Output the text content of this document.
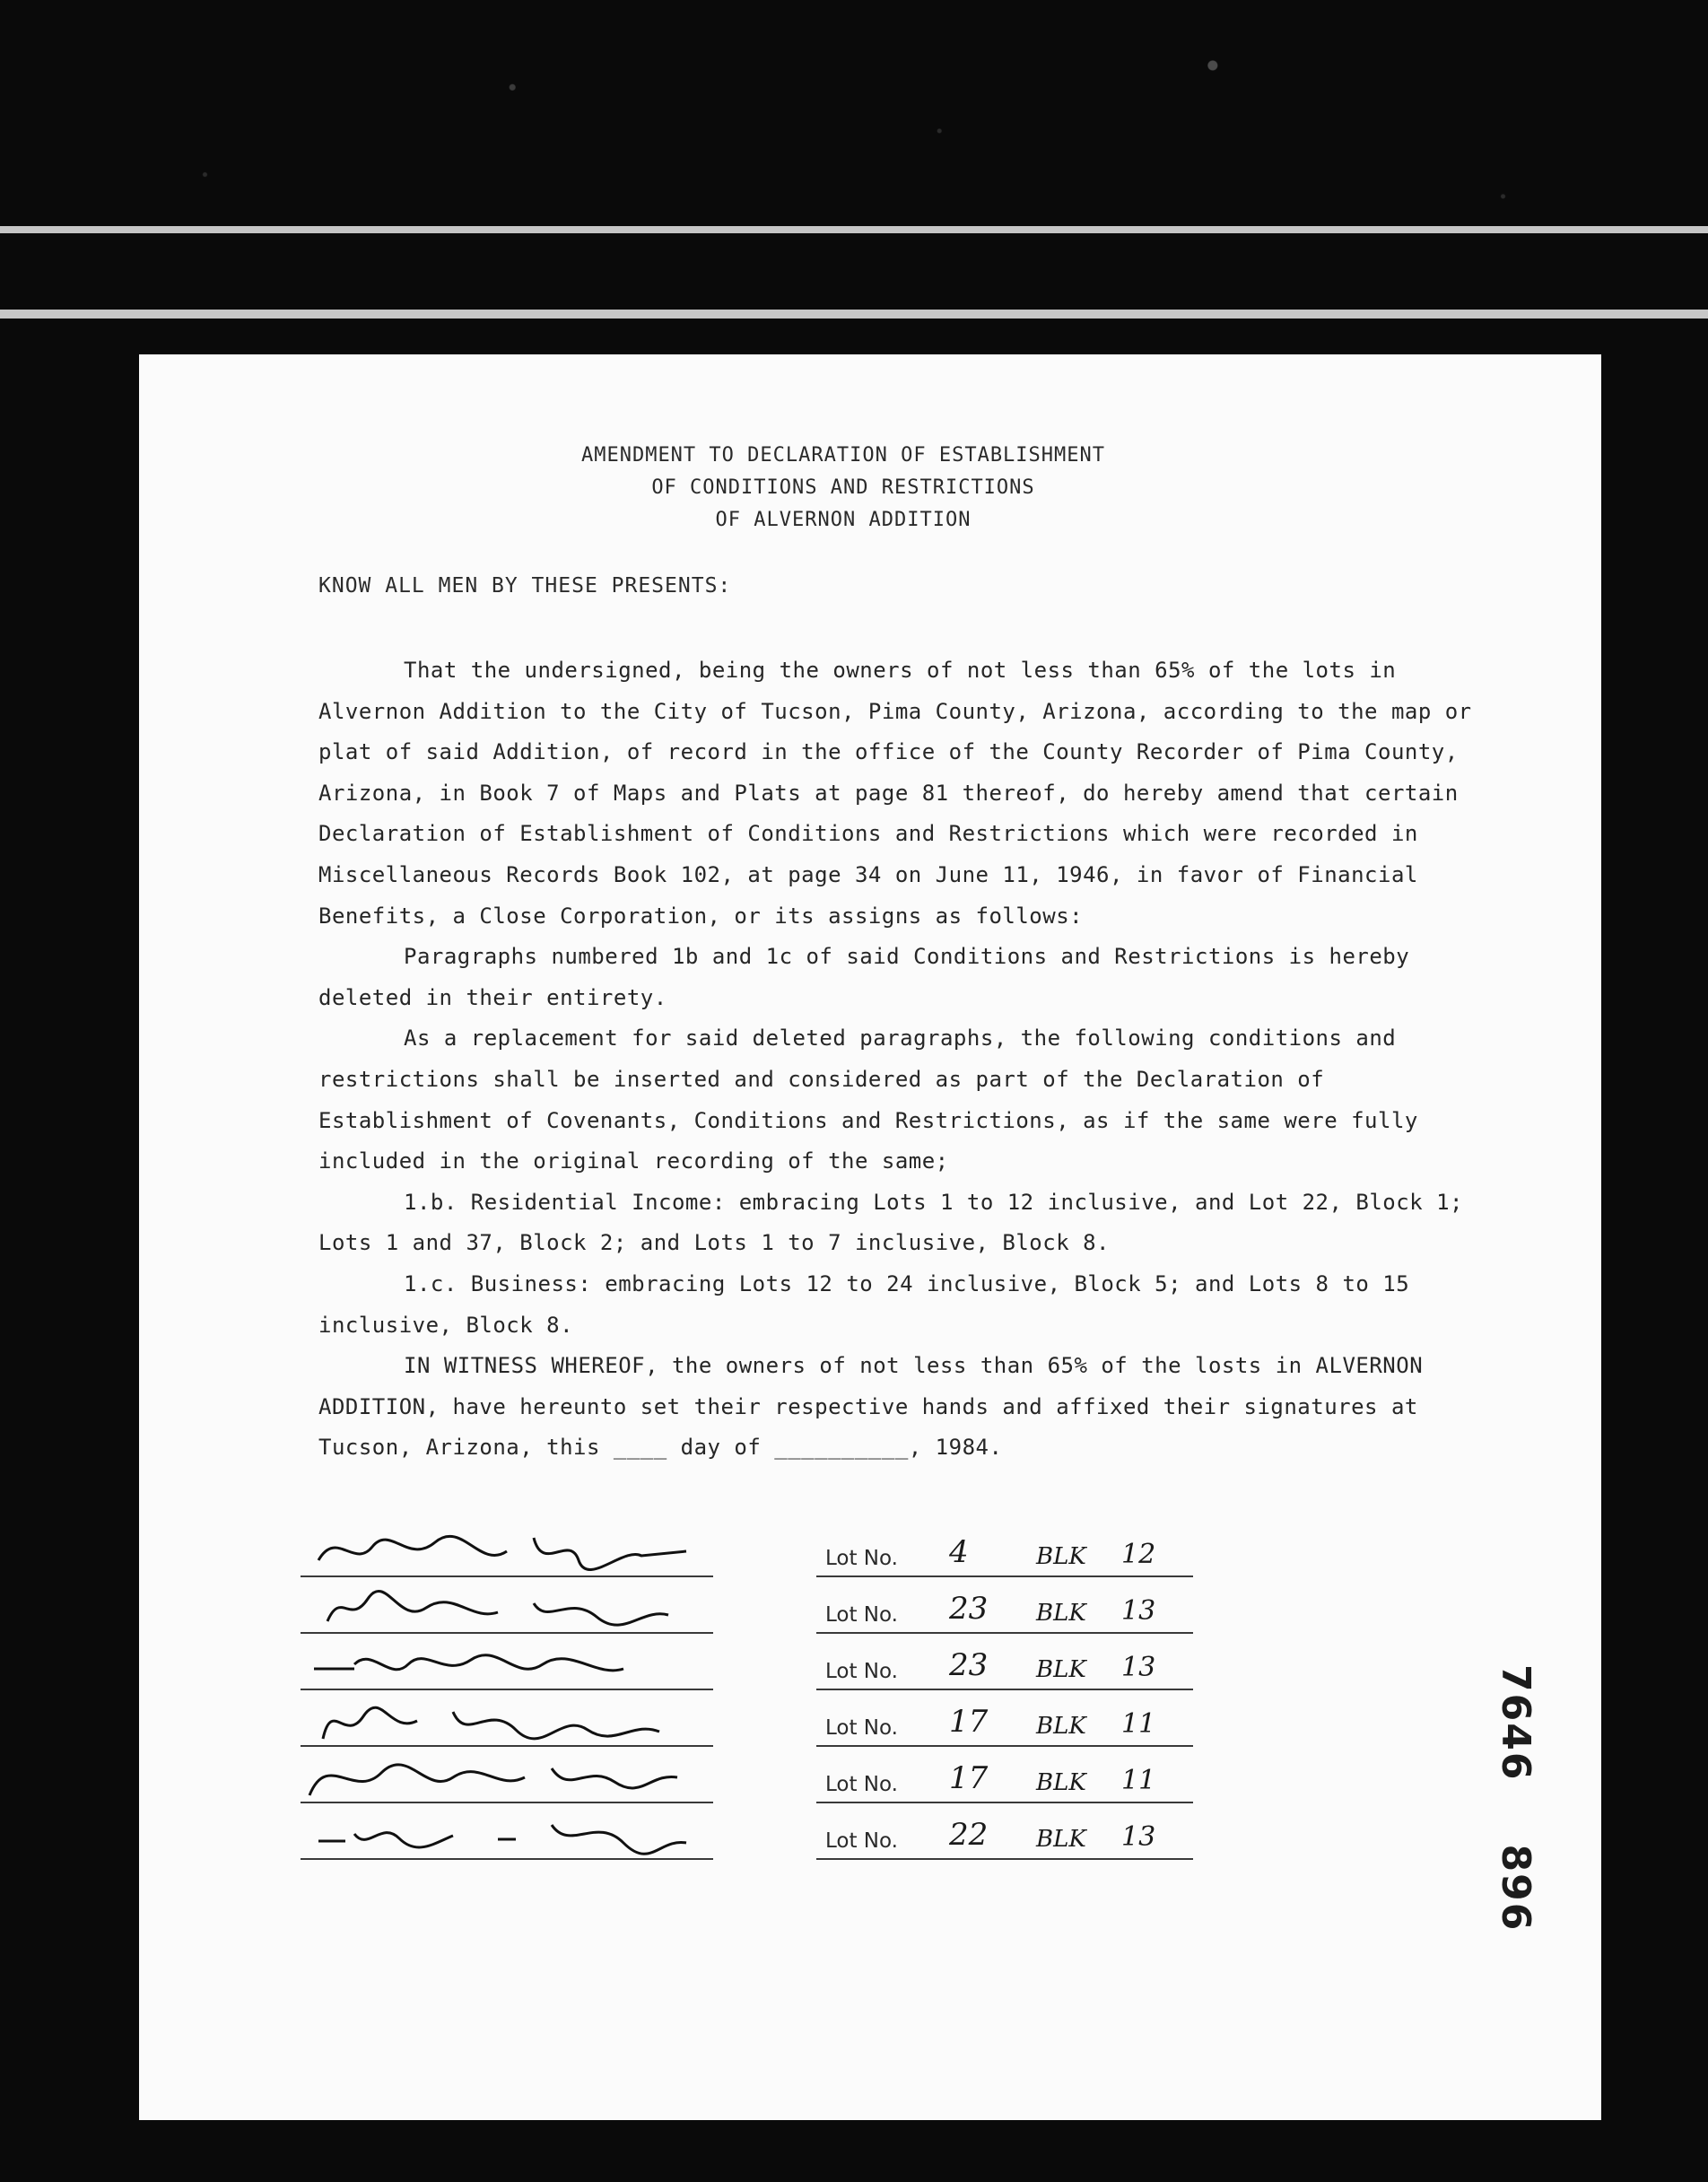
AMENDMENT TO DECLARATION OF ESTABLISHMENT
OF CONDITIONS AND RESTRICTIONS
OF ALVERNON ADDITION
KNOW ALL MEN BY THESE PRESENTS:

That the undersigned, being the owners of not less than 65% of the lots in Alvernon Addition to the City of Tucson, Pima County, Arizona, according to the map or plat of said Addition, of record in the office of the County Recorder of Pima County, Arizona, in Book 7 of Maps and Plats at page 81 thereof, do hereby amend that certain Declaration of Establishment of Conditions and Restrictions which were recorded in Miscellaneous Records Book 102, at page 34 on June 11, 1946, in favor of Financial Benefits, a Close Corporation, or its assigns as follows:

Paragraphs numbered 1b and 1c of said Conditions and Restrictions is hereby deleted in their entirety.

As a replacement for said deleted paragraphs, the following conditions and restrictions shall be inserted and considered as part of the Declaration of Establishment of Covenants, Conditions and Restrictions, as if the same were fully included in the original recording of the same;

1.b. Residential Income: embracing Lots 1 to 12 inclusive, and Lot 22, Block 1; Lots 1 and 37, Block 2; and Lots 1 to 7 inclusive, Block 8.

1.c. Business: embracing Lots 12 to 24 inclusive, Block 5; and Lots 8 to 15 inclusive, Block 8.

IN WITNESS WHEREOF, the owners of not less than 65% of the losts in ALVERNON ADDITION, have hereunto set their respective hands and affixed their signatures at Tucson, Arizona, this ____ day of __________, 1984.

Lot No. 4	BLK 12
Lot No. 23 BLK 13
Lot No. 23 BLK 13
Lot No. 17 BLK 11
Lot No. 17 BLK 11
Lot No. 22 BLK 13
7646896
